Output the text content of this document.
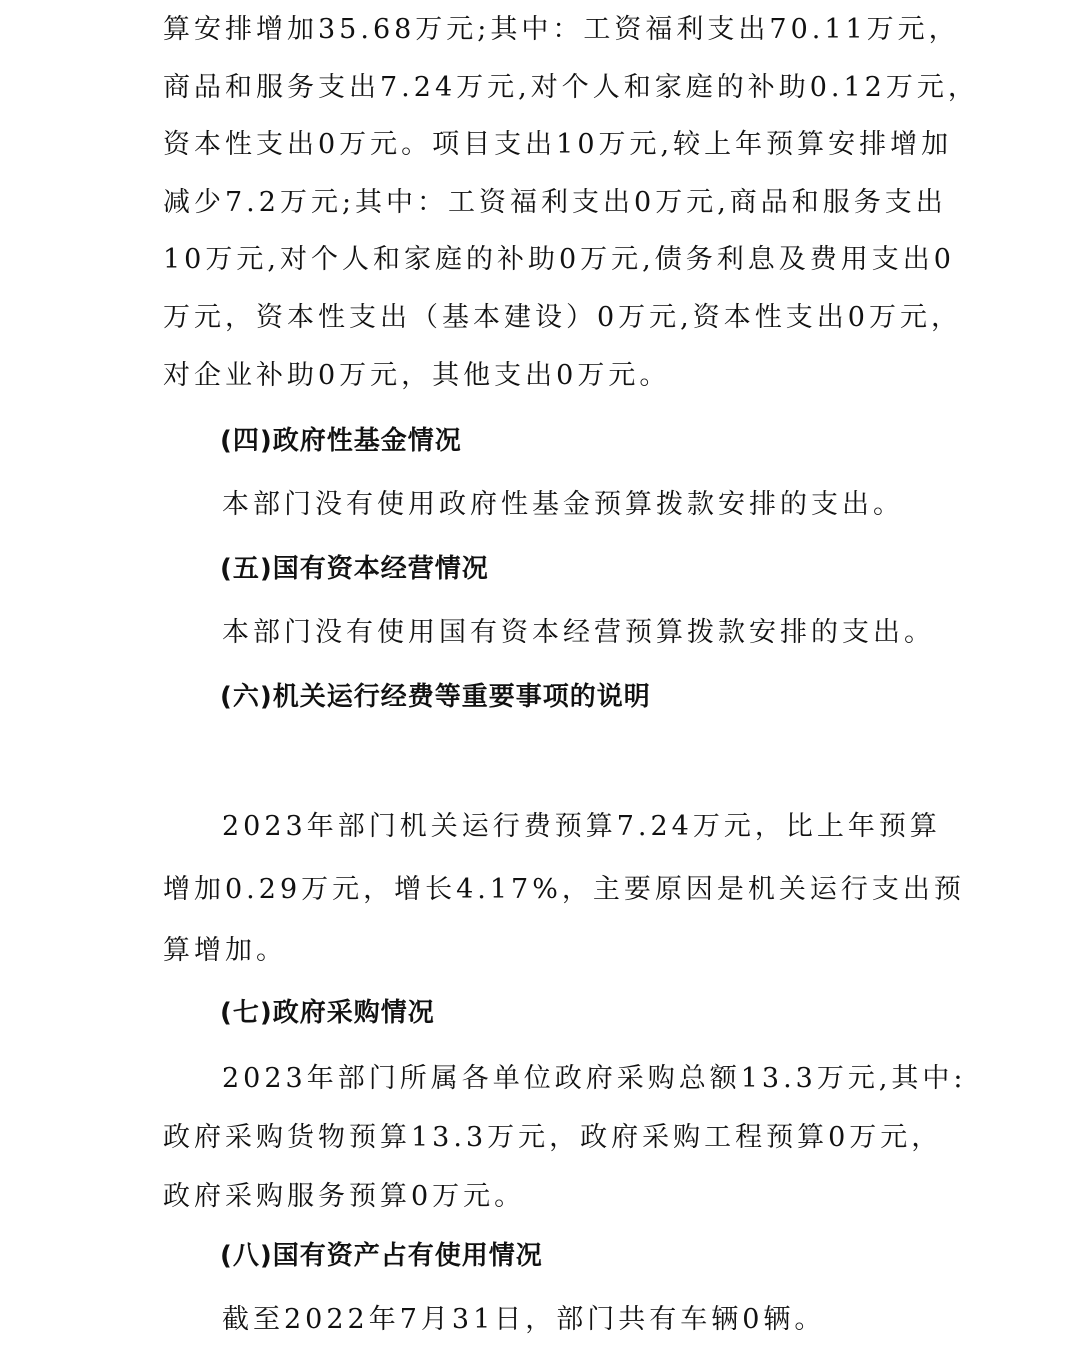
算安排增加35.68万元;其中：工资福利支出70.11万元，
商品和服务支出7.24万元,对个人和家庭的补助0.12万元，
资本性支出0万元。项目支出10万元,较上年预算安排增加
减少7.2万元;其中：工资福利支出0万元,商品和服务支出
10万元,对个人和家庭的补助0万元,债务利息及费用支出0
万元，资本性支出（基本建设）0万元,资本性支出0万元，
对企业补助0万元，其他支出0万元。
(四)政府性基金情况
本部门没有使用政府性基金预算拨款安排的支出。
(五)国有资本经营情况
本部门没有使用国有资本经营预算拨款安排的支出。
(六)机关运行经费等重要事项的说明
2023年部门机关运行费预算7.24万元，比上年预算
增加0.29万元，增长4.17%，主要原因是机关运行支出预
算增加。
(七)政府采购情况
2023年部门所属各单位政府采购总额13.3万元,其中:
政府采购货物预算13.3万元，政府采购工程预算0万元，
政府采购服务预算0万元。
(八)国有资产占有使用情况
截至2022年7月31日，部门共有车辆0辆。
